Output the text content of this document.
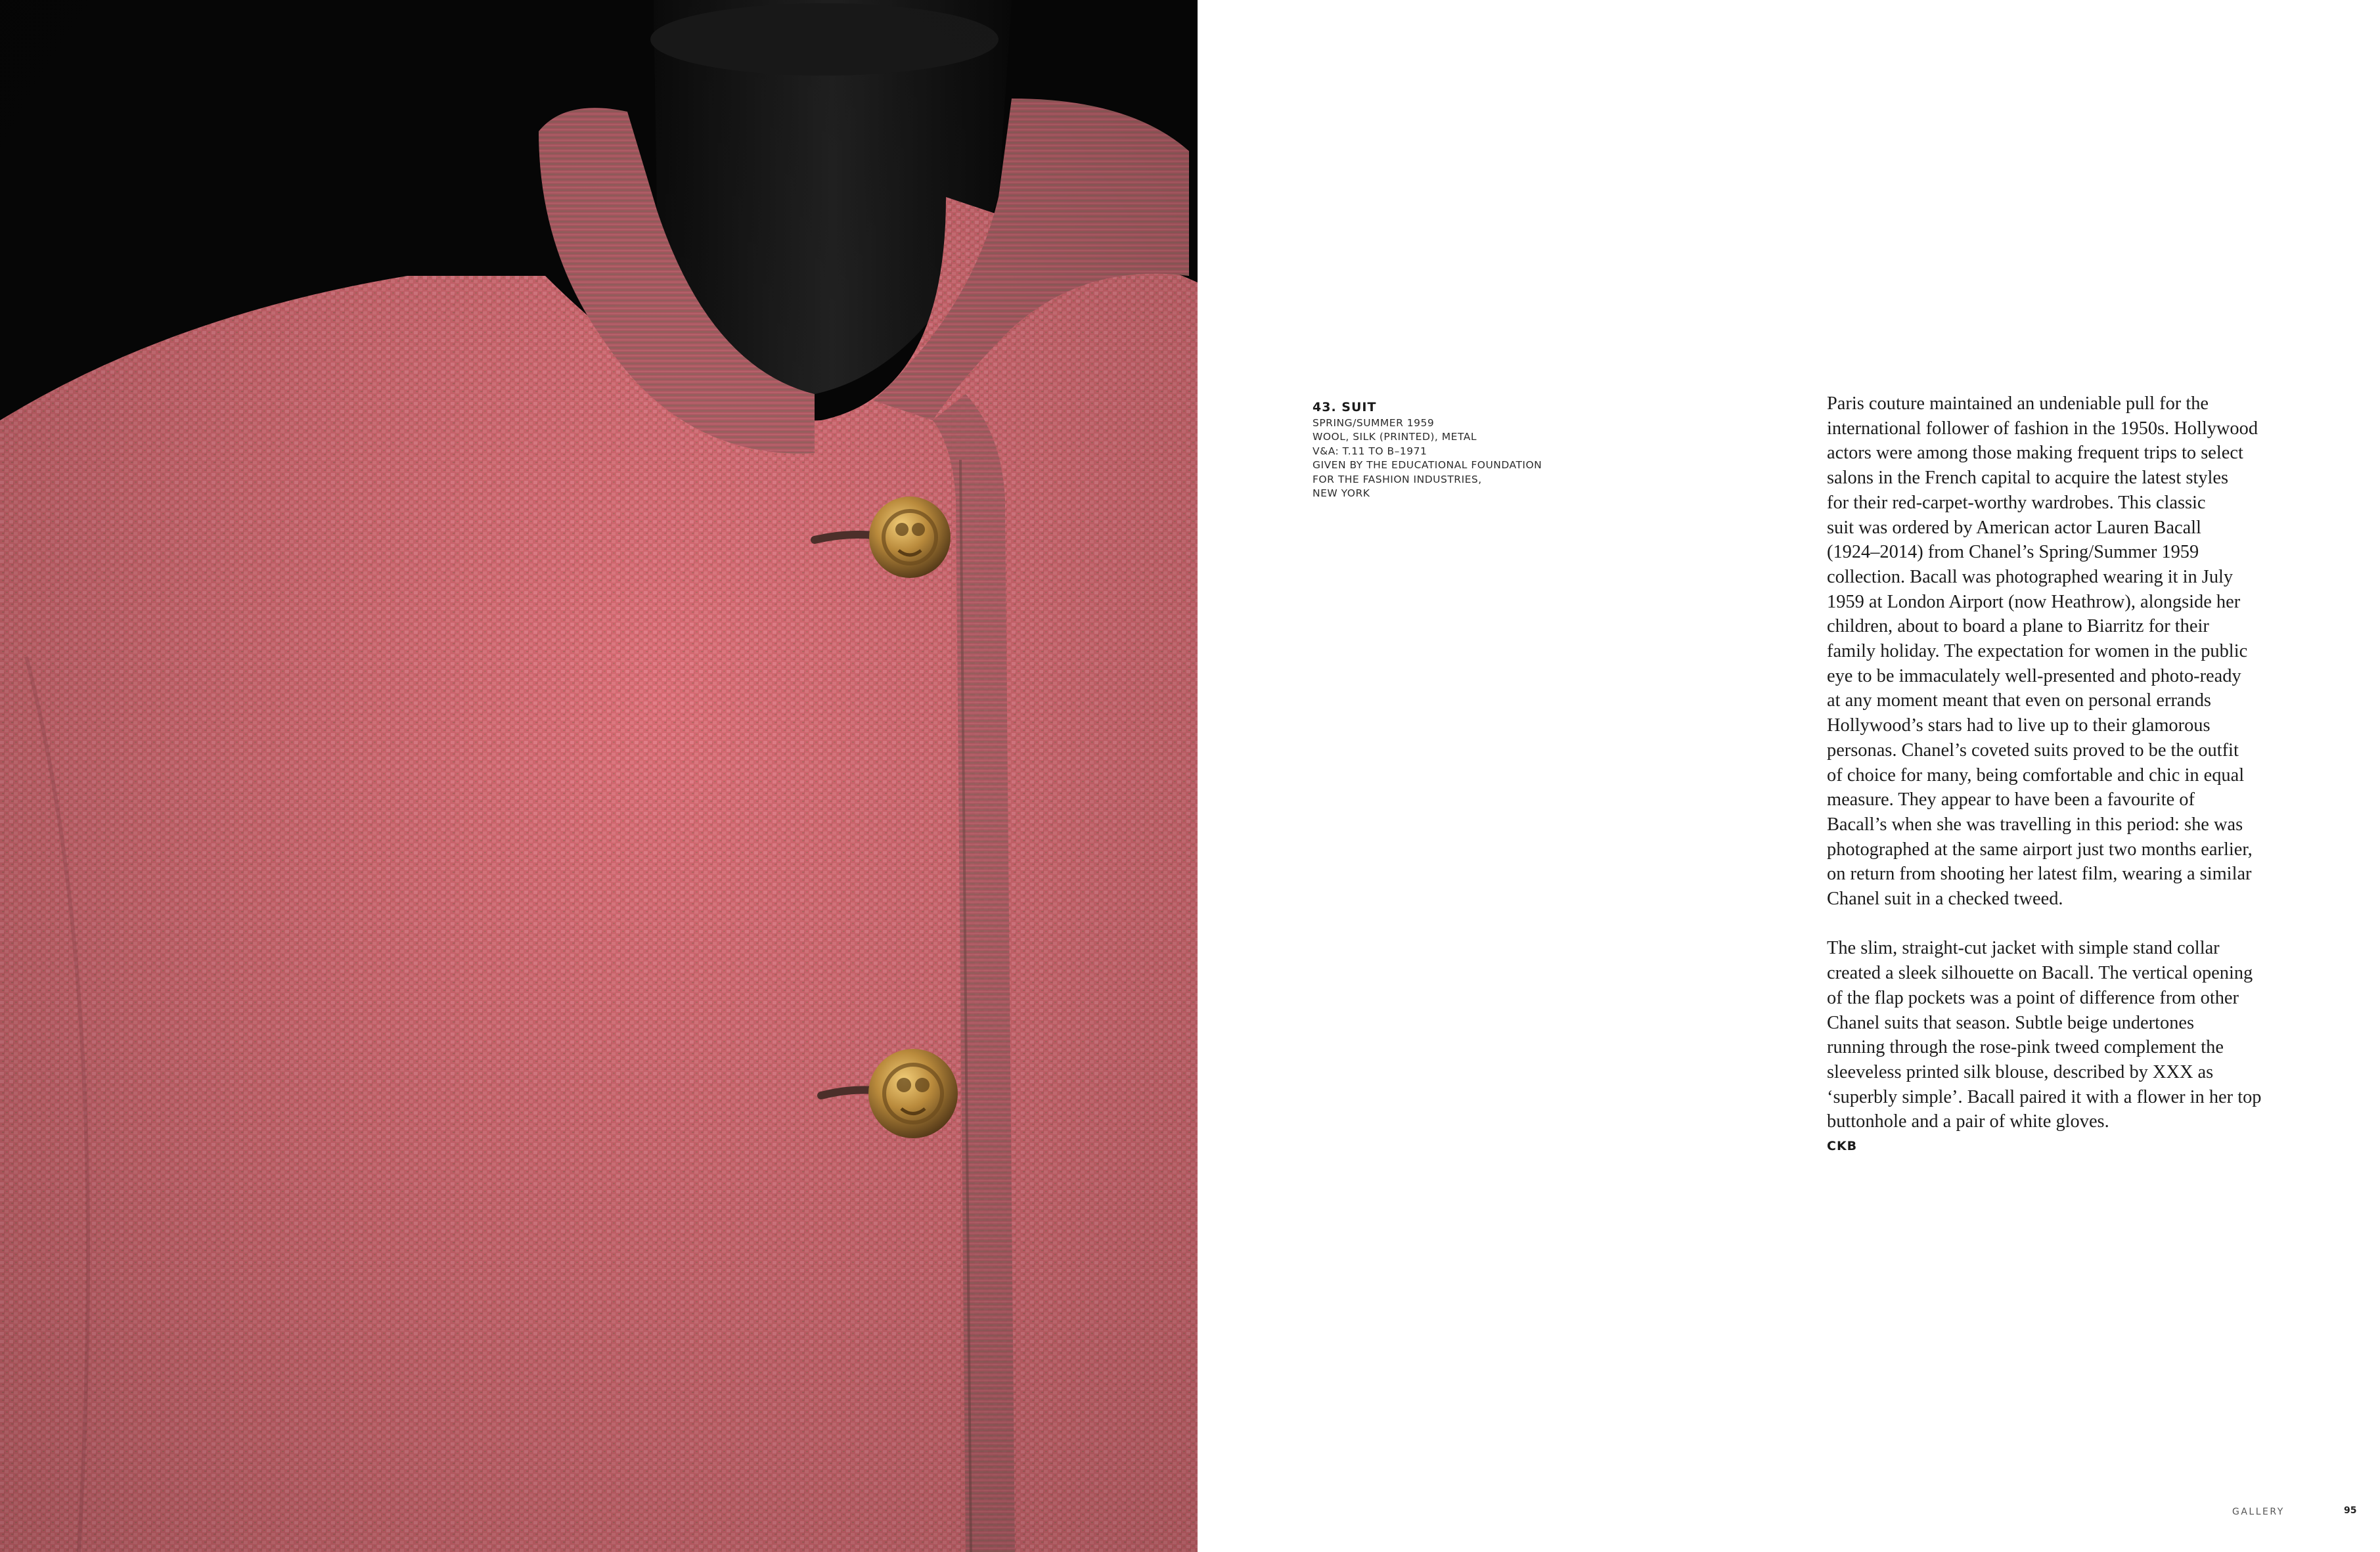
43. SUIT
SPRING/SUMMER 1959
WOOL, SILK (PRINTED), METAL
V&A: T.11 TO B–1971
GIVEN BY THE EDUCATIONAL FOUNDATION
FOR THE FASHION INDUSTRIES,
NEW YORK
Paris couture maintained an undeniable pull for the
international follower of fashion in the 1950s. Hollywood
actors were among those making frequent trips to select
salons in the French capital to acquire the latest styles
for their red-carpet-worthy wardrobes. This classic
suit was ordered by American actor Lauren Bacall
(1924–2014) from Chanel’s Spring/Summer 1959
collection. Bacall was photographed wearing it in July
1959 at London Airport (now Heathrow), alongside her
children, about to board a plane to Biarritz for their
family holiday. The expectation for women in the public
eye to be immaculately well-presented and photo-ready
at any moment meant that even on personal errands
Hollywood’s stars had to live up to their glamorous
personas. Chanel’s coveted suits proved to be the outfit
of choice for many, being comfortable and chic in equal
measure. They appear to have been a favourite of
Bacall’s when she was travelling in this period: she was
photographed at the same airport just two months earlier,
on return from shooting her latest film, wearing a similar
Chanel suit in a checked tweed.
The slim, straight-cut jacket with simple stand collar
created a sleek silhouette on Bacall. The vertical opening
of the flap pockets was a point of difference from other
Chanel suits that season. Subtle beige undertones
running through the rose-pink tweed complement the
sleeveless printed silk blouse, described by XXX as
‘superbly simple’. Bacall paired it with a flower in her top
buttonhole and a pair of white gloves.
CKB
GALLERY	95
